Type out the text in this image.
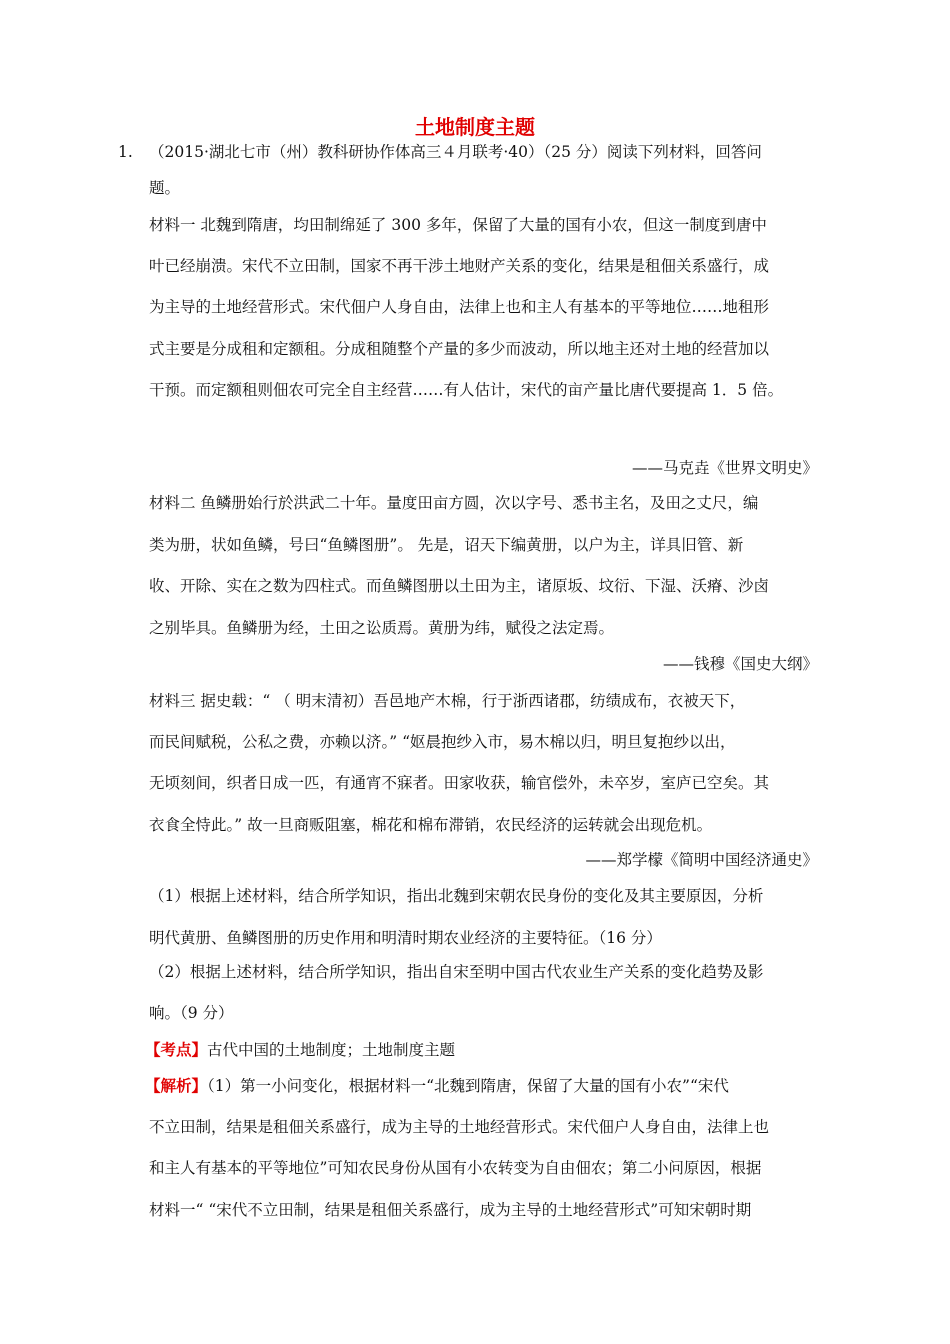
土地制度主题
1. （2015·湖北七市（州）教科研协作体高三４月联考·40）（25 分）阅读下列材料，回答问
题。
材料一 北魏到隋唐，均田制绵延了 300 多年，保留了大量的国有小农，但这一制度到唐中
叶已经崩溃。宋代不立田制，国家不再干涉土地财产关系的变化，结果是租佃关系盛行，成
为主导的土地经营形式。宋代佃户人身自由，法律上也和主人有基本的平等地位……地租形
式主要是分成租和定额租。分成租随整个产量的多少而波动，所以地主还对土地的经营加以
干预。而定额租则佃农可完全自主经营……有人估计，宋代的亩产量比唐代要提高 1．5 倍。
——马克垚《世界文明史》
材料二 鱼鳞册始行於洪武二十年。量度田亩方圆，次以字号、悉书主名，及田之丈尺，编
类为册，状如鱼鳞，号曰“鱼鳞图册”。 先是，诏天下编黄册，以户为主，详具旧管、新
收、开除、实在之数为四柱式。而鱼鳞图册以土田为主，诸原坂、坟衍、下湿、沃瘠、沙卤
之别毕具。鱼鳞册为经，土田之讼质焉。黄册为纬，赋役之法定焉。
——钱穆《国史大纲》
材料三 据史载：“ （ 明末清初）吾邑地产木棉，行于浙西诸郡，纺绩成布，衣被天下，
而民间赋税，公私之费，亦赖以济。” “妪晨抱纱入市，易木棉以归，明旦复抱纱以出，
无顷刻间，织者日成一匹，有通宵不寐者。田家收获，输官偿外，未卒岁，室庐已空矣。其
衣食全恃此。” 故一旦商贩阻塞，棉花和棉布滞销，农民经济的运转就会出现危机。
——郑学檬《简明中国经济通史》
（1）根据上述材料，结合所学知识，指出北魏到宋朝农民身份的变化及其主要原因，分析
明代黄册、鱼鳞图册的历史作用和明清时期农业经济的主要特征。（16 分）
（2）根据上述材料，结合所学知识，指出自宋至明中国古代农业生产关系的变化趋势及影
响。（9 分）
【考点】古代中国的土地制度；土地制度主题
【解析】（1）第一小问变化，根据材料一“北魏到隋唐，保留了大量的国有小农”“宋代
不立田制，结果是租佃关系盛行，成为主导的土地经营形式。宋代佃户人身自由，法律上也
和主人有基本的平等地位”可知农民身份从国有小农转变为自由佃农；第二小问原因，根据
材料一“ “宋代不立田制，结果是租佃关系盛行，成为主导的土地经营形式”可知宋朝时期
